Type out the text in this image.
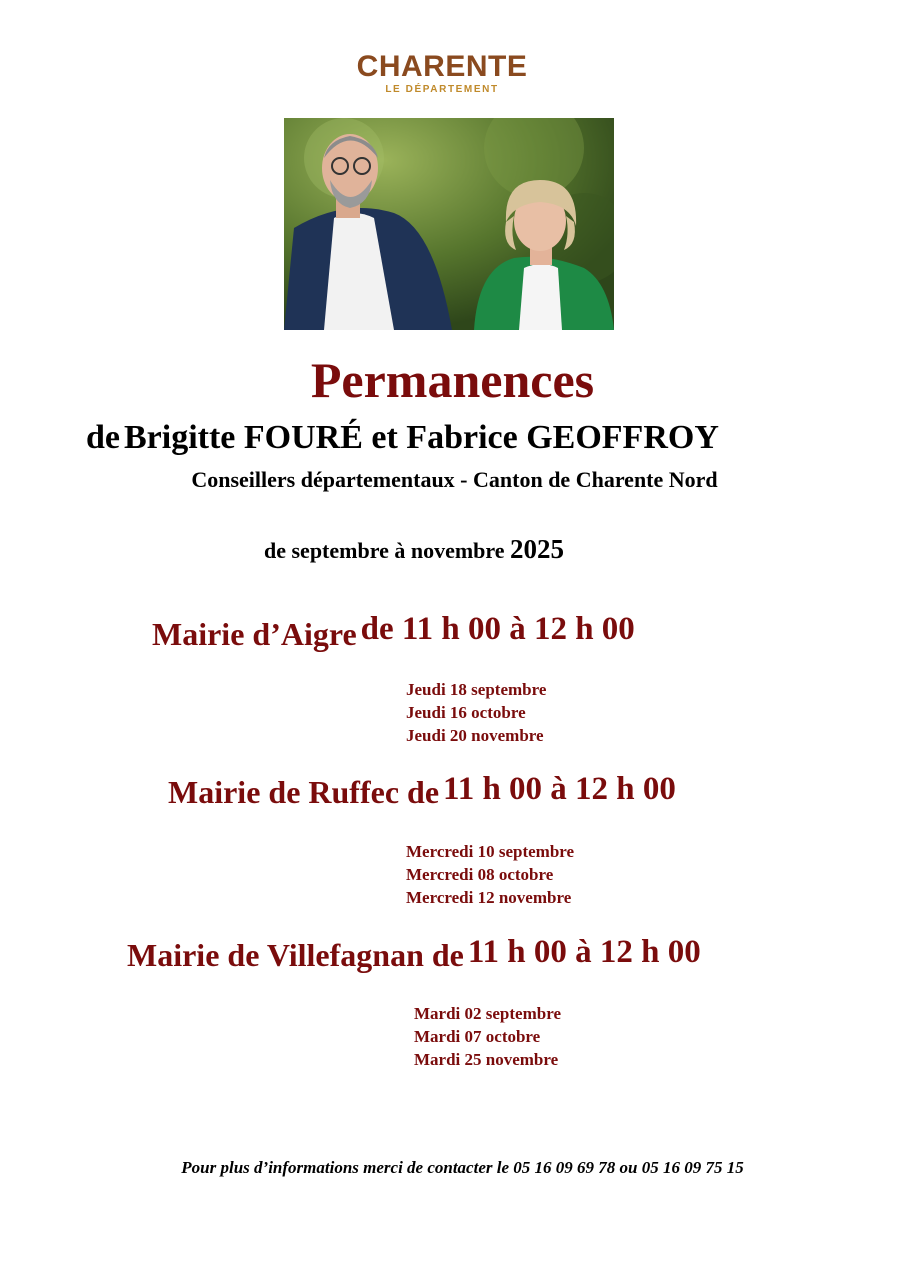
CHARENTE
LE DÉPARTEMENT
Permanences
de Brigitte FOURÉ et Fabrice GEOFFROY
Conseillers départementaux - Canton de Charente Nord
de septembre à novembre 2025
Mairie d’Aigre de 11 h 00 à 12 h 00
Jeudi 18 septembre
Jeudi 16 octobre
Jeudi 20 novembre
Mairie de Ruffec de 11 h 00 à 12 h 00
Mercredi 10 septembre
Mercredi 08 octobre
Mercredi 12 novembre
Mairie de Villefagnan de 11 h 00 à 12 h 00
Mardi 02 septembre
Mardi 07 octobre
Mardi 25 novembre
Pour plus d’informations merci de contacter le 05 16 09 69 78 ou 05 16 09 75 15
